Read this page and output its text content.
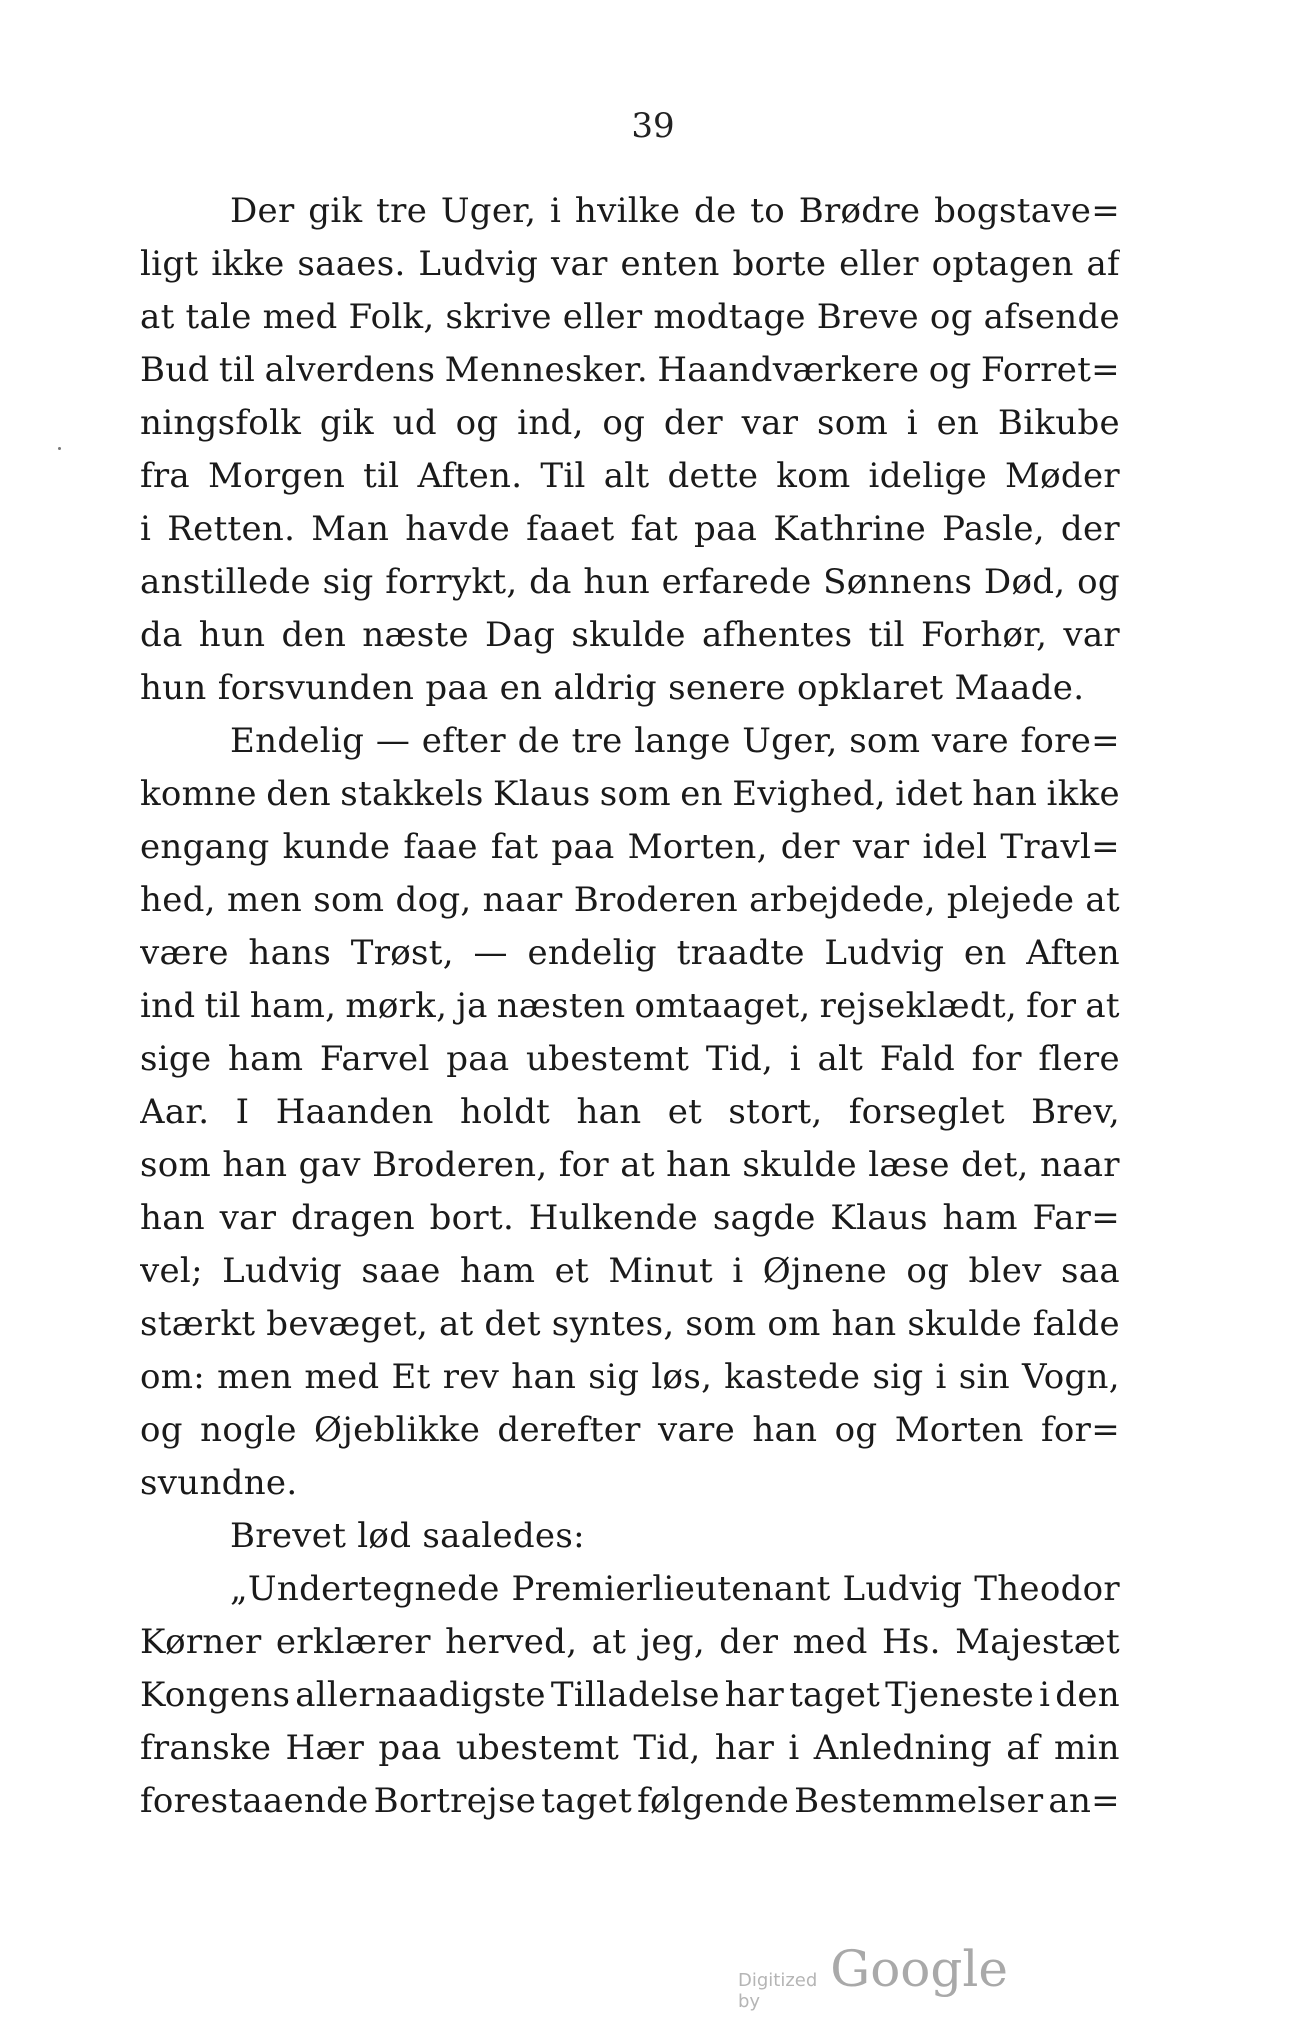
39
Der gik tre Uger, i hvilke de to Brødre bogstave=
ligt ikke saaes. Ludvig var enten borte eller optagen af
at tale med Folk, skrive eller modtage Breve og afsende
Bud til alverdens Mennesker. Haandværkere og Forret=
ningsfolk gik ud og ind, og der var som i en Bikube
fra Morgen til Aften. Til alt dette kom idelige Møder
i Retten. Man havde faaet fat paa Kathrine Pasle, der
anstillede sig forrykt, da hun erfarede Sønnens Død, og
da hun den næste Dag skulde afhentes til Forhør, var
hun forsvunden paa en aldrig senere opklaret Maade.
Endelig — efter de tre lange Uger, som vare fore=
komne den stakkels Klaus som en Evighed, idet han ikke
engang kunde faae fat paa Morten, der var idel Travl=
hed, men som dog, naar Broderen arbejdede, plejede at
være hans Trøst, — endelig traadte Ludvig en Aften
ind til ham, mørk, ja næsten omtaaget, rejseklædt, for at
sige ham Farvel paa ubestemt Tid, i alt Fald for flere
Aar. I Haanden holdt han et stort, forseglet Brev,
som han gav Broderen, for at han skulde læse det, naar
han var dragen bort. Hulkende sagde Klaus ham Far=
vel; Ludvig saae ham et Minut i Øjnene og blev saa
stærkt bevæget, at det syntes, som om han skulde falde
om: men med Et rev han sig løs, kastede sig i sin Vogn,
og nogle Øjeblikke derefter vare han og Morten for=
svundne.
Brevet lød saaledes:
„Undertegnede Premierlieutenant Ludvig Theodor
Kørner erklærer herved, at jeg, der med Hs. Majestæt
Kongens allernaadigste Tilladelse har taget Tjeneste i den
franske Hær paa ubestemt Tid, har i Anledning af min
forestaaende Bortrejse taget følgende Bestemmelser an=
Digitized by
Google
